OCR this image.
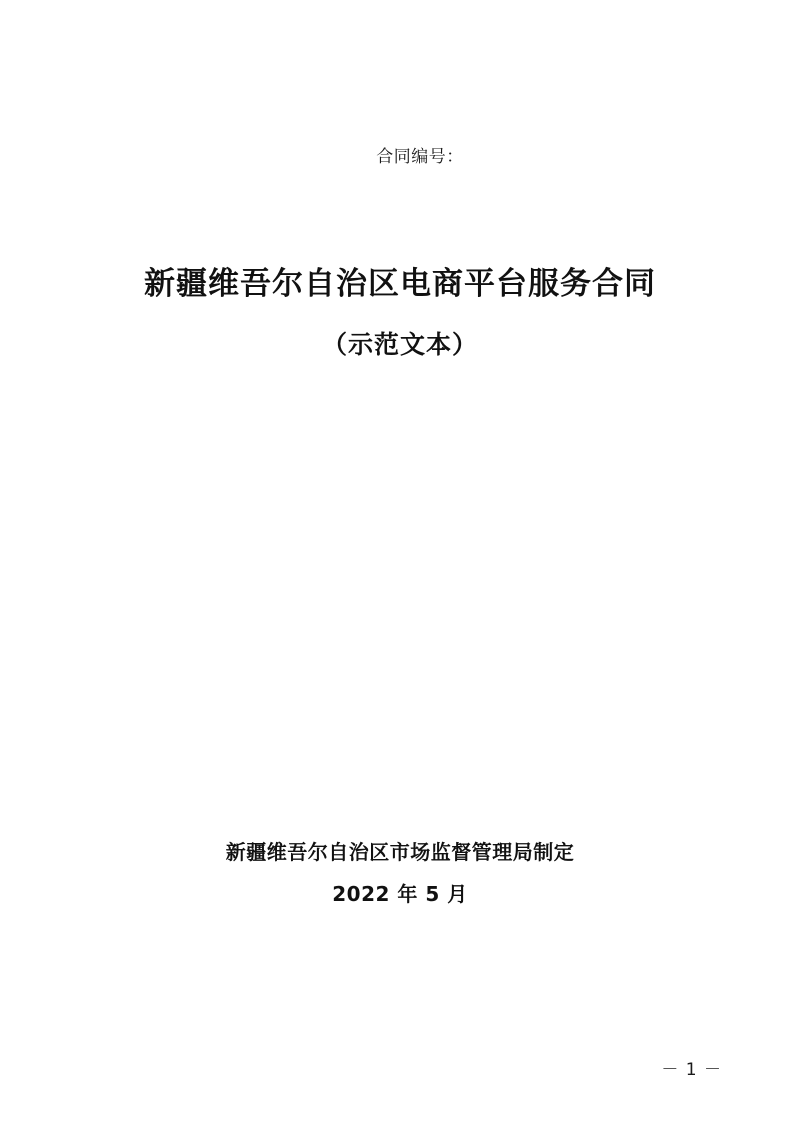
合同编号：
新疆维吾尔自治区电商平台服务合同
（示范文本）
新疆维吾尔自治区市场监督管理局制定
2022 年 5 月
－ 1 －
